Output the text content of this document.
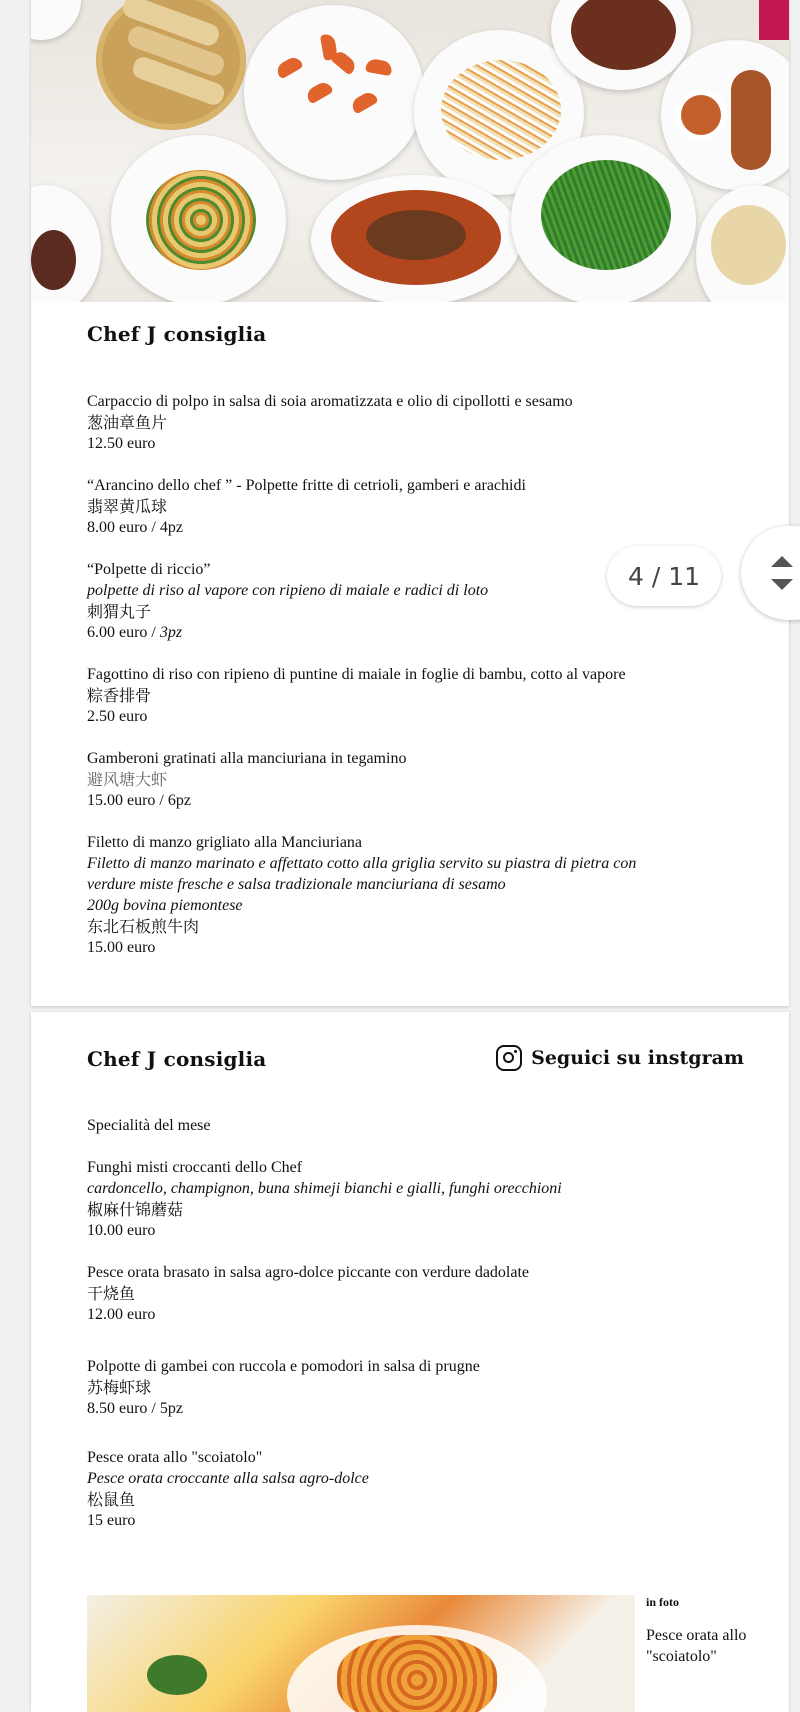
Chef J consiglia
Carpaccio di polpo in salsa di soia aromatizzata e olio di cipollotti e sesamo
葱油章鱼片
12.50 euro
“Arancino dello chef ” - Polpette fritte di cetrioli, gamberi e arachidi
翡翠黄瓜球
8.00 euro / 4pz
“Polpette di riccio”
polpette di riso al vapore con ripieno di maiale e radici di loto
刺猬丸子
6.00 euro / 3pz
Fagottino di riso con ripieno di puntine di maiale in foglie di bambu, cotto al vapore
粽香排骨
2.50 euro
Gamberoni gratinati alla manciuriana in tegamino
避风塘大虾
15.00 euro / 6pz
Filetto di manzo grigliato alla Manciuriana
Filetto di manzo marinato e affettato cotto alla griglia servito su piastra di pietra con verdure miste fresche e salsa tradizionale manciuriana di sesamo
200g bovina piemontese
东北石板煎牛肉
15.00 euro
Chef J consiglia	Seguici su instgram
Specialità del mese
Funghi misti croccanti dello Chef
cardoncello, champignon, buna shimeji bianchi e gialli, funghi orecchioni
椒麻什锦蘑菇
10.00 euro
Pesce orata brasato in salsa agro-dolce piccante con verdure dadolate
干烧鱼
12.00 euro
Polpotte di gambei con ruccola e pomodori in salsa di prugne
苏梅虾球
8.50 euro / 5pz
Pesce orata allo "scoiatolo"
Pesce orata croccante alla salsa agro-dolce
松鼠鱼
15 euro
in foto
Pesce orata allo "scoiatolo"
4 / 11
